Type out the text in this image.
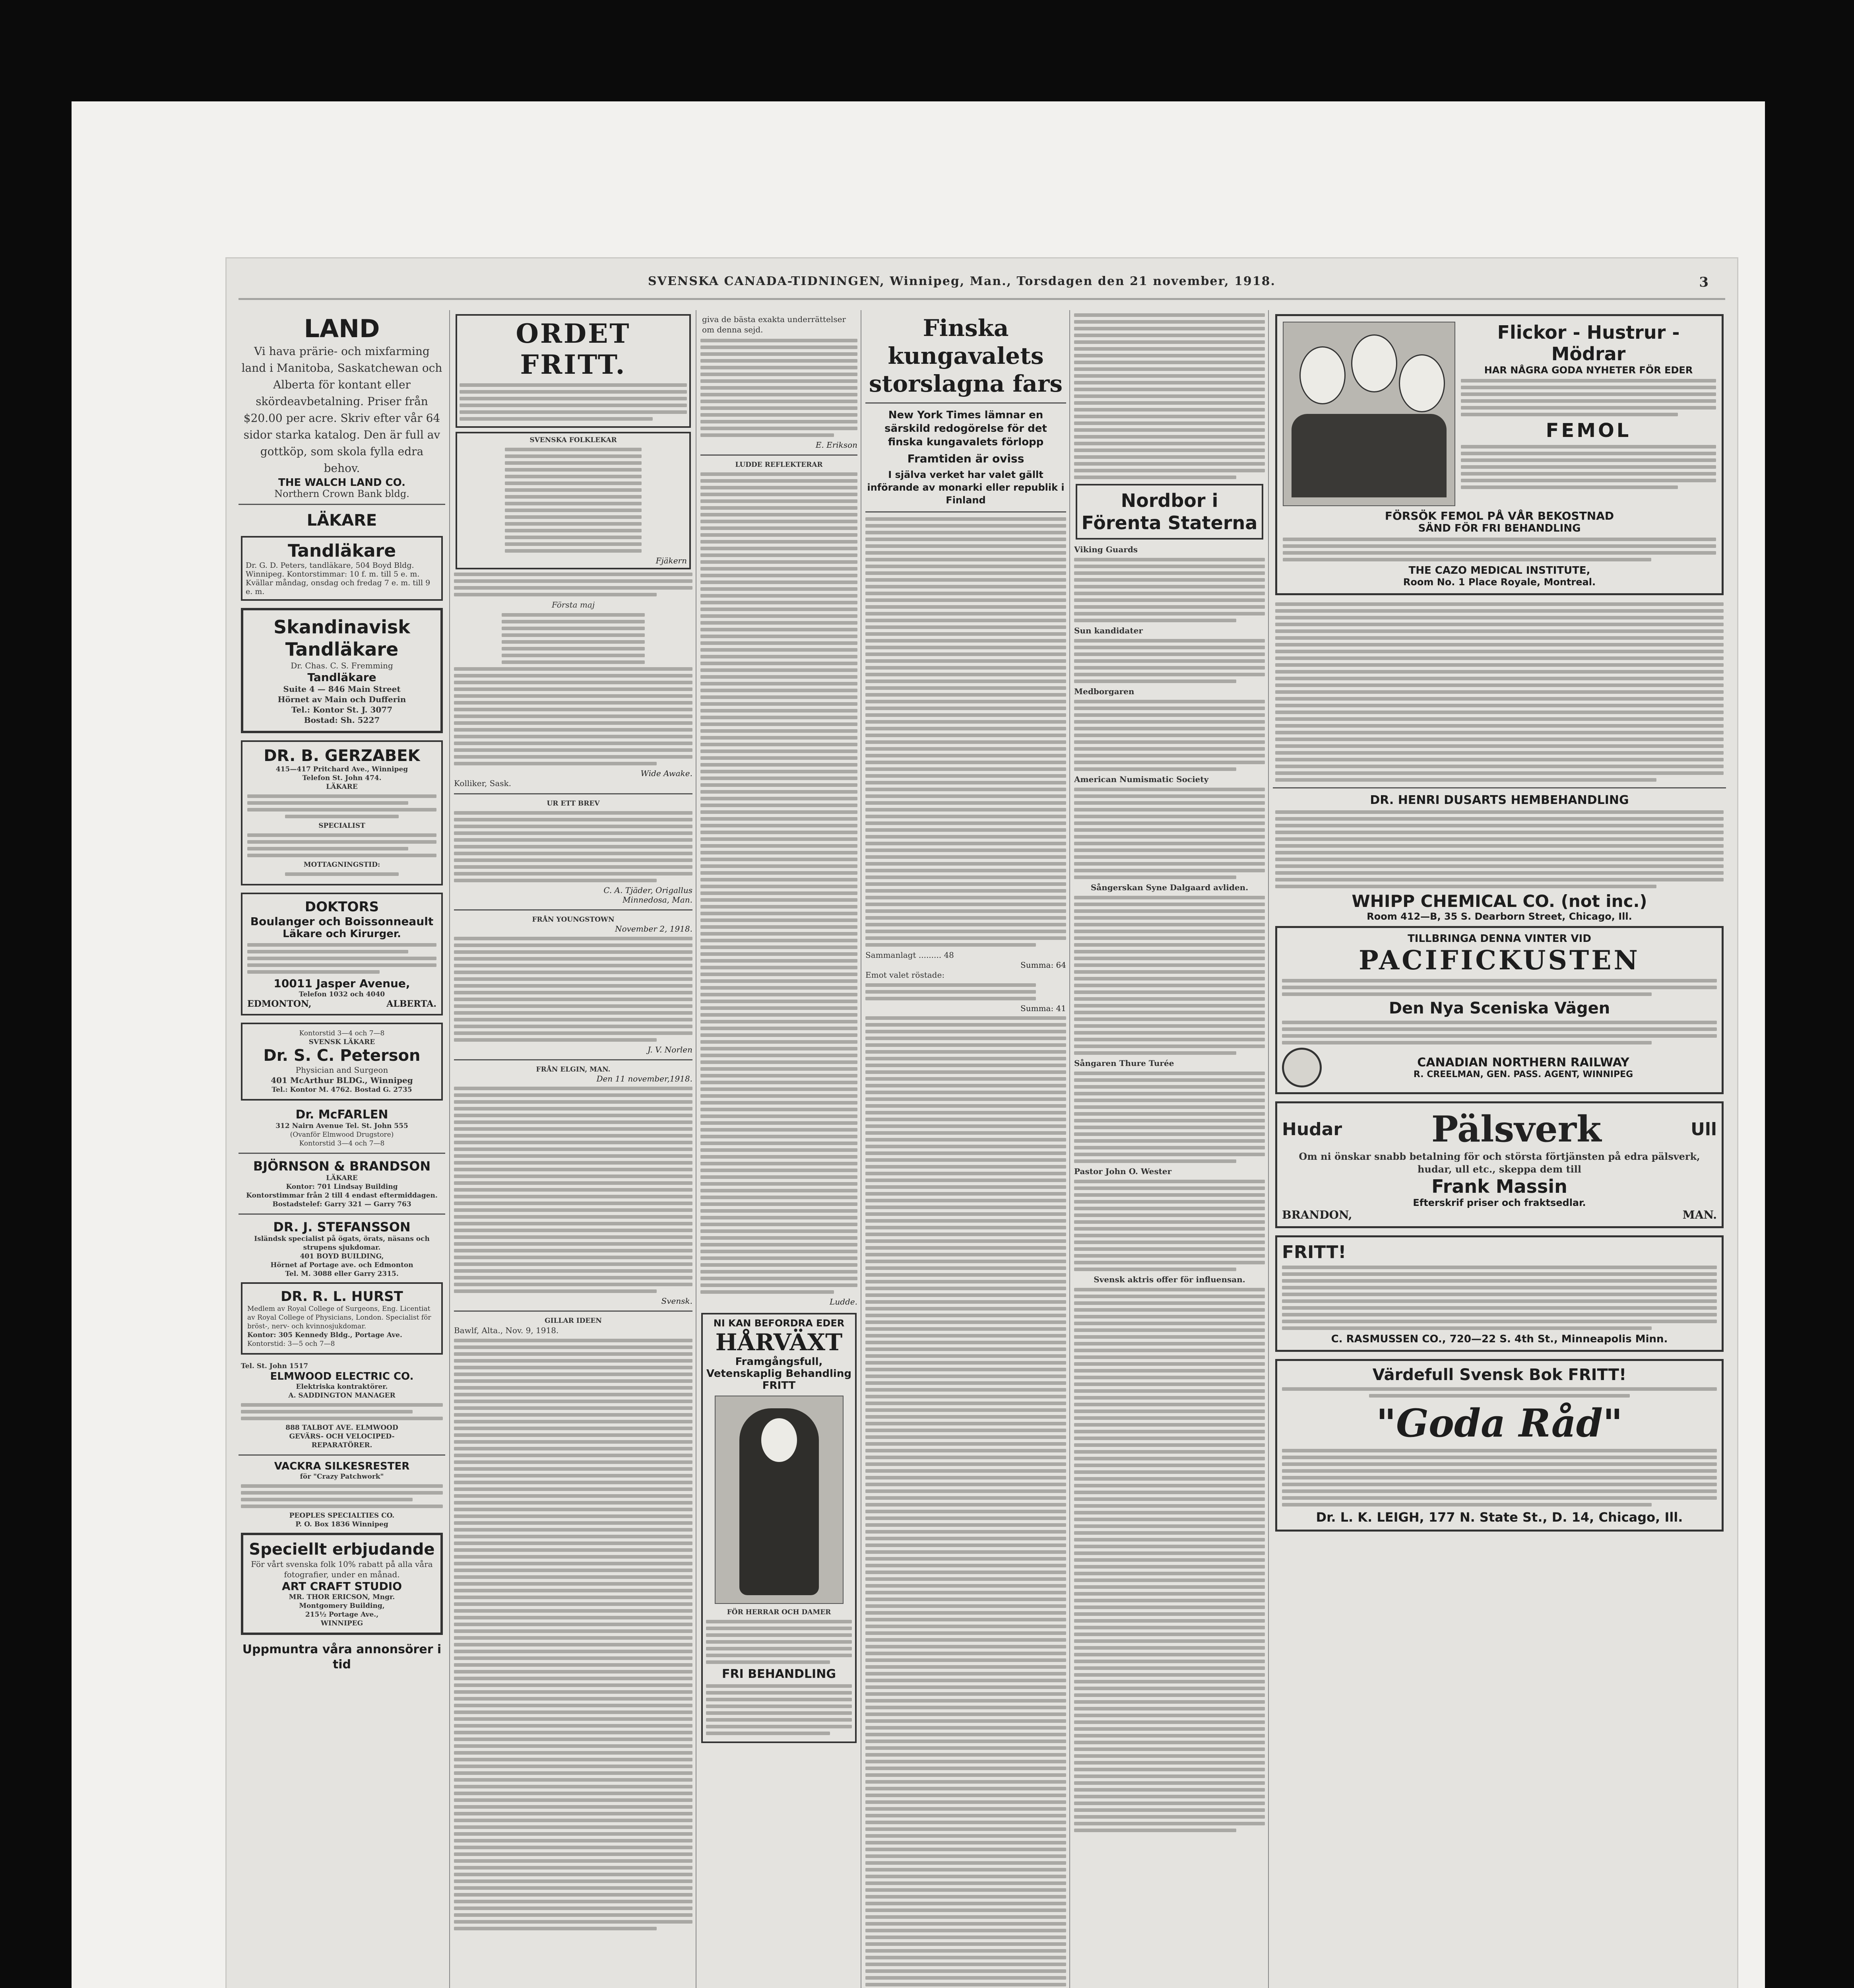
SVENSKA CANADA-TIDNINGEN, Winnipeg, Man., Torsdagen den 21 november, 1918.	3
LAND
Vi hava prärie- och mixfarming land i Manitoba, Saskatchewan och Alberta för kontant eller skördeavbetalning. Priser från $20.00 per acre. Skriv efter vår 64 sidor starka katalog. Den är full av gottköp, som skola fylla edra behov.
THE WALCH LAND CO.
Northern Crown Bank bldg.
LÄKARE
Tandläkare
Dr. G. D. Peters, tandläkare, 504 Boyd Bldg. Winnipeg. Kontorstimmar: 10 f. m. till 5 e. m. Kvällar måndag, onsdag och fredag 7 e. m. till 9 e. m.
Skandinavisk Tandläkare
Dr. Chas. C. S. Fremming
Tandläkare
Suite 4 — 846 Main Street
Hörnet av Main och Dufferin
Tel.: Kontor St. J. 3077
Bostad: Sh. 5227
DR. B. GERZABEK
415—417 Pritchard Ave., Winnipeg
Telefon St. John 474.
LÄKARE
SPECIALIST
MOTTAGNINGSTID:
DOKTORS
Boulanger och Boissonneault
Läkare och Kirurger.
10011 Jasper Avenue,
Telefon 1032 och 4040
EDMONTON,	ALBERTA.
Kontorstid 3—4 och 7—8
SVENSK LÄKARE
Dr. S. C. Peterson
Physician and Surgeon
401 McArthur BLDG., Winnipeg
Tel.: Kontor M. 4762. Bostad G. 2735
Dr. McFARLEN
312 Nairn Avenue Tel. St. John 555
(Ovanför Elmwood Drugstore)
Kontorstid 3—4 och 7—8
BJÖRNSON & BRANDSON
LÄKARE
Kontor: 701 Lindsay Building
Kontorstimmar från 2 till 4 endast eftermiddagen.
Bostadstelef: Garry 321 — Garry 763
DR. J. STEFANSSON
Isländsk specialist på ögats, örats, näsans och strupens sjukdomar.
401 BOYD BUILDING,
Hörnet af Portage ave. och Edmonton
Tel. M. 3088 eller Garry 2315.
DR. R. L. HURST
Medlem av Royal College of Surgeons, Eng. Licentiat av Royal College of Physicians, London. Specialist för bröst-, nerv- och kvinnosjukdomar.
Kontor: 305 Kennedy Bldg., Portage Ave.
Kontorstid: 3—5 och 7—8
Tel. St. John 1517
ELMWOOD ELECTRIC CO.
Elektriska kontraktörer.
A. SADDINGTON MANAGER
888 TALBOT AVE. ELMWOOD
GEVÄRS- OCH VELOCIPED-
REPARATÖRER.
VACKRA SILKESRESTER
för "Crazy Patchwork"
PEOPLES SPECIALTIES CO.
P. O. Box 1836 Winnipeg
Speciellt erbjudande
För vårt svenska folk 10% rabatt på alla våra fotografier, under en månad.
ART CRAFT STUDIO
MR. THOR ERICSON, Mngr.
Montgomery Building,
215½ Portage Ave.,
WINNIPEG
Uppmuntra våra annonsörer i tid
ORDET FRITT.
SVENSKA FOLKLEKAR
Fjäkern
Första maj
Wide Awake.
Kolliker, Sask.
UR ETT BREV
C. A. Tjäder, Origallus
Minnedosa, Man.
FRÅN YOUNGSTOWN
November 2, 1918.
J. V. Norlen
FRÅN ELGIN, MAN.
Den 11 november,1918.
Svensk.
GILLAR IDEEN
Bawlf, Alta., Nov. 9, 1918.
giva de bästa exakta underrättelser om denna sejd.
E. Erikson
LUDDE REFLEKTERAR
Ludde.
NI KAN BEFORDRA EDER
HÅRVÄXT
Framgångsfull, Vetenskaplig Behandling FRITT
FÖR HERRAR OCH DAMER
FRI BEHANDLING
Finska kungavalets storslagna fars
New York Times lämnar en särskild redogörelse för det finska kungavalets förlopp
Framtiden är oviss
I själva verket har valet gällt införande av monarki eller republik i Finland
Sammanlagt ......... 48
Summa: 64
Emot valet röstade:
Summa: 41
Nordbor i Förenta Staterna
Viking Guards
Sun kandidater
Medborgaren
American Numismatic Society
Sångerskan Syne Dalgaard avliden.
Sångaren Thure Turée
Pastor John O. Wester
Svensk aktris offer för influensan.
Flickor - Hustrur - Mödrar
HAR NÅGRA GODA NYHETER FÖR EDER
FEMOL
FÖRSÖK FEMOL PÅ VÅR BEKOSTNAD
SÄND FÖR FRI BEHANDLING
THE CAZO MEDICAL INSTITUTE,
Room No. 1 Place Royale, Montreal.
DR. HENRI DUSARTS HEMBEHANDLING
WHIPP CHEMICAL CO. (not inc.)
Room 412—B, 35 S. Dearborn Street, Chicago, Ill.
TILLBRINGA DENNA VINTER VID
PACIFICKUSTEN
Den Nya Sceniska Vägen
CANADIAN NORTHERN RAILWAY
R. CREELMAN, GEN. PASS. AGENT, WINNIPEG
Hudar Pälsverk	Ull
Om ni önskar snabb betalning för och största förtjänsten på edra pälsverk, hudar, ull etc., skeppa dem till
Frank Massin
Efterskrif priser och fraktsedlar.
BRANDON,	MAN.
FRITT!
C. RASMUSSEN CO., 720—22 S. 4th St., Minneapolis Minn.
Värdefull Svensk Bok FRITT!
"Goda Råd"
Dr. L. K. LEIGH, 177 N. State St., D. 14, Chicago, Ill.
